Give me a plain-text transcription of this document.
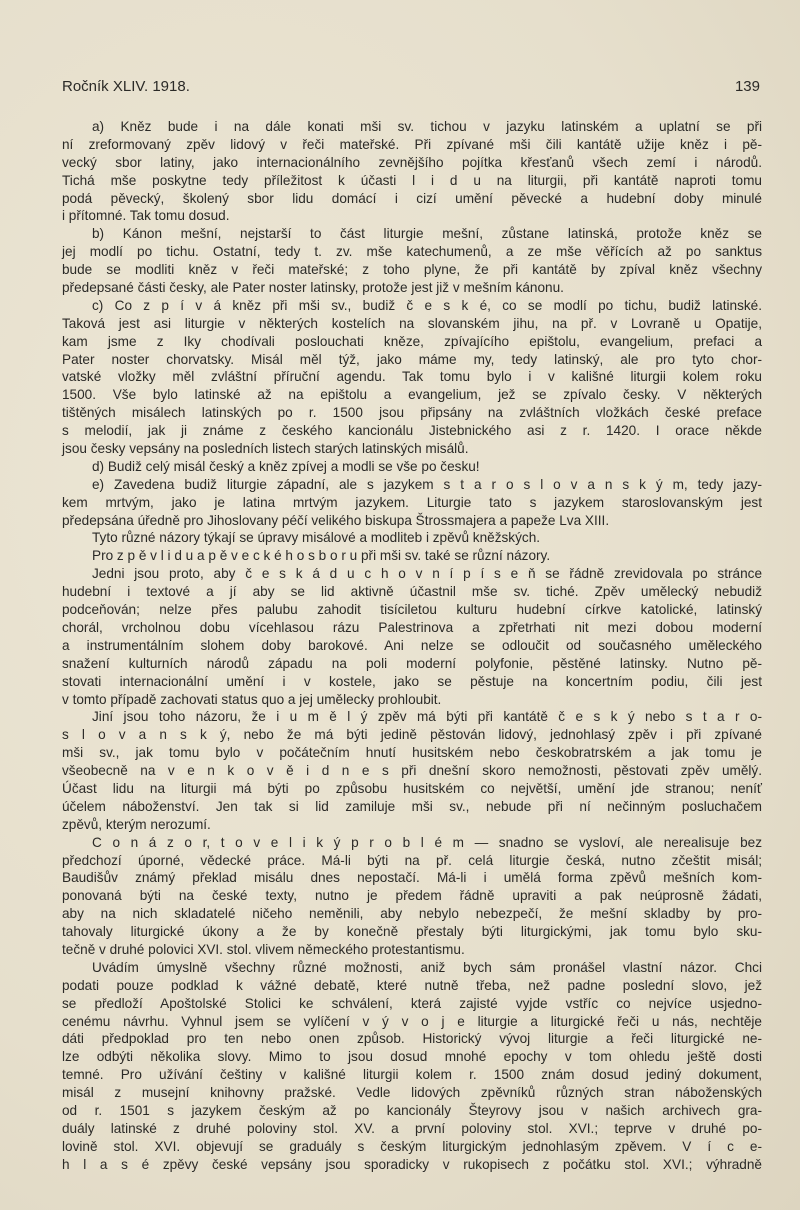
Ročník XLIV. 1918.	139
a) Kněz bude i na dále konati mši sv. tichou v jazyku latinském a uplatní se při
ní zreformovaný zpěv lidový v řeči mateřské. Při zpívané mši čili kantátě užije kněz i pě-
vecký sbor latiny, jako internacionálního zevnějšího pojítka křesťanů všech zemí i národů.
Tichá mše poskytne tedy příležitost k účasti l i d u na liturgii, při kantátě naproti tomu
podá pěvecký, školený sbor lidu domácí i cizí umění pěvecké a hudební doby minulé
i přítomné. Tak tomu dosud.
b) Kánon mešní, nejstarší to část liturgie mešní, zůstane latinská, protože kněz se
jej modlí po tichu. Ostatní, tedy t. zv. mše katechumenů, a ze mše věřících až po sanktus
bude se modliti kněz v řeči mateřské; z toho plyne, že při kantátě by zpíval kněz všechny
předepsané části česky, ale Pater noster latinsky, protože jest již v mešním kánonu.
c) Co z p í v á kněz při mši sv., budiž č e s k é, co se modlí po tichu, budiž latinské.
Taková jest asi liturgie v některých kostelích na slovanském jihu, na př. v Lovraně u Opatije,
kam jsme z Iky chodívali poslouchati kněze, zpívajícího epištolu, evangelium, prefaci a
Pater noster chorvatsky. Misál měl týž, jako máme my, tedy latinský, ale pro tyto chor-
vatské vložky měl zvláštní příruční agendu. Tak tomu bylo i v kališné liturgii kolem roku
1500. Vše bylo latinské až na epištolu a evangelium, jež se zpívalo česky. V některých
tištěných misálech latinských po r. 1500 jsou připsány na zvláštních vložkách české preface
s melodií, jak ji známe z českého kancionálu Jistebnického asi z r. 1420. I orace někde
jsou česky vepsány na posledních listech starých latinských misálů.
d) Budiž celý misál český a kněz zpívej a modli se vše po česku!
e) Zavedena budiž liturgie západní, ale s jazykem s t a r o s l o v a n s k ý m, tedy jazy-
kem mrtvým, jako je latina mrtvým jazykem. Liturgie tato s jazykem staroslovanským jest
předepsána úředně pro Jihoslovany péčí velikého biskupa Štrossmajera a papeže Lva XIII.
Tyto různé názory týkají se úpravy misálové a modliteb i zpěvů kněžských.
Pro z p ě v l i d u a p ě v e c k é h o s b o r u při mši sv. také se různí názory.
Jedni jsou proto, aby č e s k á d u c h o v n í p í s e ň se řádně zrevidovala po stránce
hudební i textové a jí aby se lid aktivně účastnil mše sv. tiché. Zpěv umělecký nebudiž
podceňován; nelze přes palubu zahodit tisíciletou kulturu hudební církve katolické, latinský
chorál, vrcholnou dobu vícehlasou rázu Palestrinova a zpřetrhati nit mezi dobou moderní
a instrumentálním slohem doby barokové. Ani nelze se odloučit od současného uměleckého
snažení kulturních národů západu na poli moderní polyfonie, pěstěné latinsky. Nutno pě-
stovati internacionální umění i v kostele, jako se pěstuje na koncertním podiu, čili jest
v tomto případě zachovati status quo a jej umělecky prohloubit.
Jiní jsou toho názoru, že i u m ě l ý zpěv má býti při kantátě č e s k ý nebo s t a r o-
s l o v a n s k ý, nebo že má býti jedině pěstován lidový, jednohlasý zpěv i při zpívané
mši sv., jak tomu bylo v počátečním hnutí husitském nebo českobratrském a jak tomu je
všeobecně na v e n k o v ě i d n e s při dnešní skoro nemožnosti, pěstovati zpěv umělý.
Účast lidu na liturgii má býti po způsobu husitském co největší, umění jde stranou; neníť
účelem náboženství. Jen tak si lid zamiluje mši sv., nebude při ní nečinným posluchačem
zpěvů, kterým nerozumí.
C o n á z o r, t o v e l i k ý p r o b l é m — snadno se vysloví, ale nerealisuje bez
předchozí úporné, vědecké práce. Má-li býti na př. celá liturgie česká, nutno zčeštit misál;
Baudišův známý překlad misálu dnes nepostačí. Má-li i umělá forma zpěvů mešních kom-
ponovaná býti na české texty, nutno je předem řádně upraviti a pak neúprosně žádati,
aby na nich skladatelé ničeho neměnili, aby nebylo nebezpečí, že mešní skladby by pro-
tahovaly liturgické úkony a že by konečně přestaly býti liturgickými, jak tomu bylo sku-
tečně v druhé polovici XVI. stol. vlivem německého protestantismu.
Uvádím úmyslně všechny různé možnosti, aniž bych sám pronášel vlastní názor. Chci
podati pouze podklad k vážné debatě, které nutně třeba, než padne poslední slovo, jež
se předloží Apoštolské Stolici ke schválení, která zajisté vyjde vstříc co nejvíce usjedno-
cenému návrhu. Vyhnul jsem se vylíčení v ý v o j e liturgie a liturgické řeči u nás, nechtěje
dáti předpoklad pro ten nebo onen způsob. Historický vývoj liturgie a řeči liturgické ne-
lze odbýti několika slovy. Mimo to jsou dosud mnohé epochy v tom ohledu ještě dosti
temné. Pro užívání češtiny v kališné liturgii kolem r. 1500 znám dosud jediný dokument,
misál z musejní knihovny pražské. Vedle lidových zpěvníků různých stran náboženských
od r. 1501 s jazykem českým až po kancionály Šteyrovy jsou v našich archivech gra-
duály latinské z druhé poloviny stol. XV. a první poloviny stol. XVI.; teprve v druhé po-
lovině stol. XVI. objevují se graduály s českým liturgickým jednohlasým zpěvem. V í c e-
h l a s é zpěvy české vepsány jsou sporadicky v rukopisech z počátku stol. XVI.; výhradně
